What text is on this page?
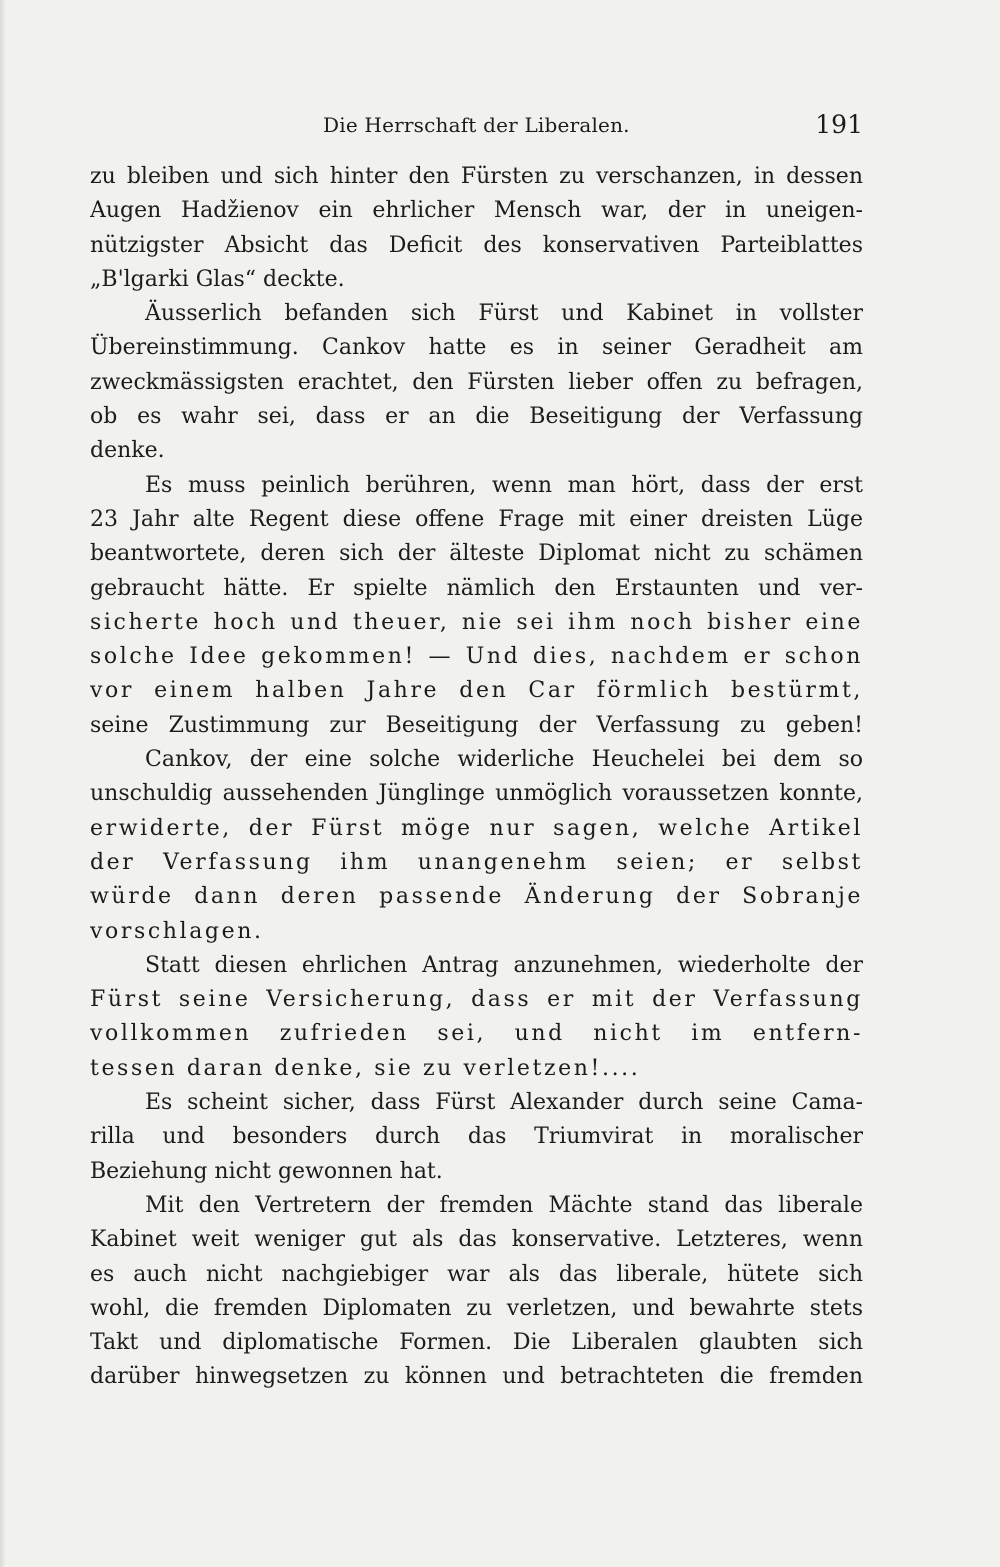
Die Herrschaft der Liberalen.	191
zu bleiben und sich hinter den Fürsten zu verschanzen, in dessen
Augen Hadžienov ein ehrlicher Mensch war, der in uneigen-
nützigster Absicht das Deficit des konservativen Parteiblattes
„B'lgarki Glas“ deckte.
Äusserlich befanden sich Fürst und Kabinet in vollster
Übereinstimmung. Cankov hatte es in seiner Geradheit am
zweckmässigsten erachtet, den Fürsten lieber offen zu befragen,
ob es wahr sei, dass er an die Beseitigung der Verfassung
denke.
Es muss peinlich berühren, wenn man hört, dass der erst
23 Jahr alte Regent diese offene Frage mit einer dreisten Lüge
beantwortete, deren sich der älteste Diplomat nicht zu schämen
gebraucht hätte. Er spielte nämlich den Erstaunten und ver-
sicherte hoch und theuer, nie sei ihm noch bisher eine
solche Idee gekommen! — Und dies, nachdem er schon
vor einem halben Jahre den Car förmlich bestürmt,
seine Zustimmung zur Beseitigung der Verfassung zu geben!
Cankov, der eine solche widerliche Heuchelei bei dem so
unschuldig aussehenden Jünglinge unmöglich voraussetzen konnte,
erwiderte, der Fürst möge nur sagen, welche Artikel
der Verfassung ihm unangenehm seien; er selbst
würde dann deren passende Änderung der Sobranje
vorschlagen.
Statt diesen ehrlichen Antrag anzunehmen, wiederholte der
Fürst seine Versicherung, dass er mit der Verfassung
vollkommen zufrieden sei, und nicht im entfern-
tessen daran denke, sie zu verletzen!....
Es scheint sicher, dass Fürst Alexander durch seine Cama-
rilla und besonders durch das Triumvirat in moralischer
Beziehung nicht gewonnen hat.
Mit den Vertretern der fremden Mächte stand das liberale
Kabinet weit weniger gut als das konservative. Letzteres, wenn
es auch nicht nachgiebiger war als das liberale, hütete sich
wohl, die fremden Diplomaten zu verletzen, und bewahrte stets
Takt und diplomatische Formen. Die Liberalen glaubten sich
darüber hinwegsetzen zu können und betrachteten die fremden
